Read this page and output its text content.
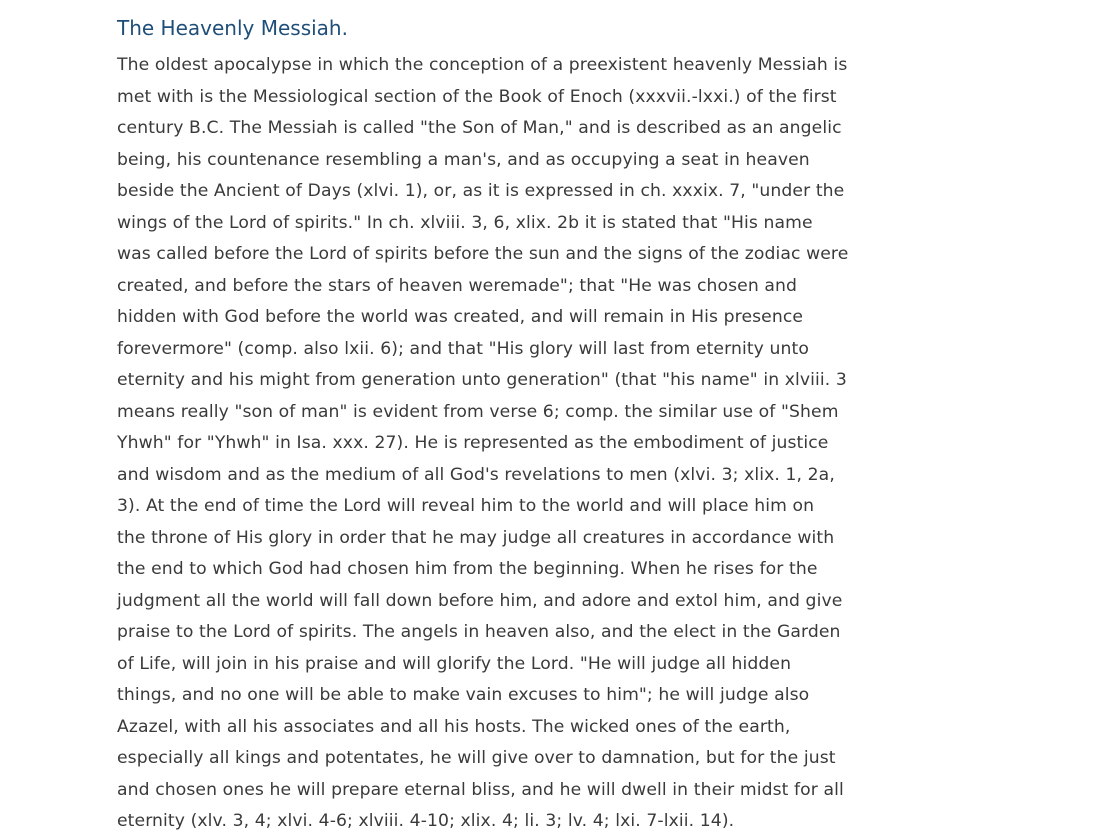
The Heavenly Messiah.

The oldest apocalypse in which the conception of a preexistent heavenly Messiah is
met with is the Messiological section of the Book of Enoch (xxxvii.-lxxi.) of the first
century B.C. The Messiah is called "the Son of Man," and is described as an angelic
being, his countenance resembling a man's, and as occupying a seat in heaven
beside the Ancient of Days (xlvi. 1), or, as it is expressed in ch. xxxix. 7, "under the
wings of the Lord of spirits." In ch. xlviii. 3, 6, xlix. 2b it is stated that "His name
was called before the Lord of spirits before the sun and the signs of the zodiac were
created, and before the stars of heaven weremade"; that "He was chosen and
hidden with God before the world was created, and will remain in His presence
forevermore" (comp. also lxii. 6); and that "His glory will last from eternity unto
eternity and his might from generation unto generation" (that "his name" in xlviii. 3
means really "son of man" is evident from verse 6; comp. the similar use of "Shem
Yhwh" for "Yhwh" in Isa. xxx. 27). He is represented as the embodiment of justice
and wisdom and as the medium of all God's revelations to men (xlvi. 3; xlix. 1, 2a,
3). At the end of time the Lord will reveal him to the world and will place him on
the throne of His glory in order that he may judge all creatures in accordance with
the end to which God had chosen him from the beginning. When he rises for the
judgment all the world will fall down before him, and adore and extol him, and give
praise to the Lord of spirits. The angels in heaven also, and the elect in the Garden
of Life, will join in his praise and will glorify the Lord. "He will judge all hidden
things, and no one will be able to make vain excuses to him"; he will judge also
Azazel, with all his associates and all his hosts. The wicked ones of the earth,
especially all kings and potentates, he will give over to damnation, but for the just
and chosen ones he will prepare eternal bliss, and he will dwell in their midst for all
eternity (xlv. 3, 4; xlvi. 4-6; xlviii. 4-10; xlix. 4; li. 3; lv. 4; lxi. 7-lxii. 14).
